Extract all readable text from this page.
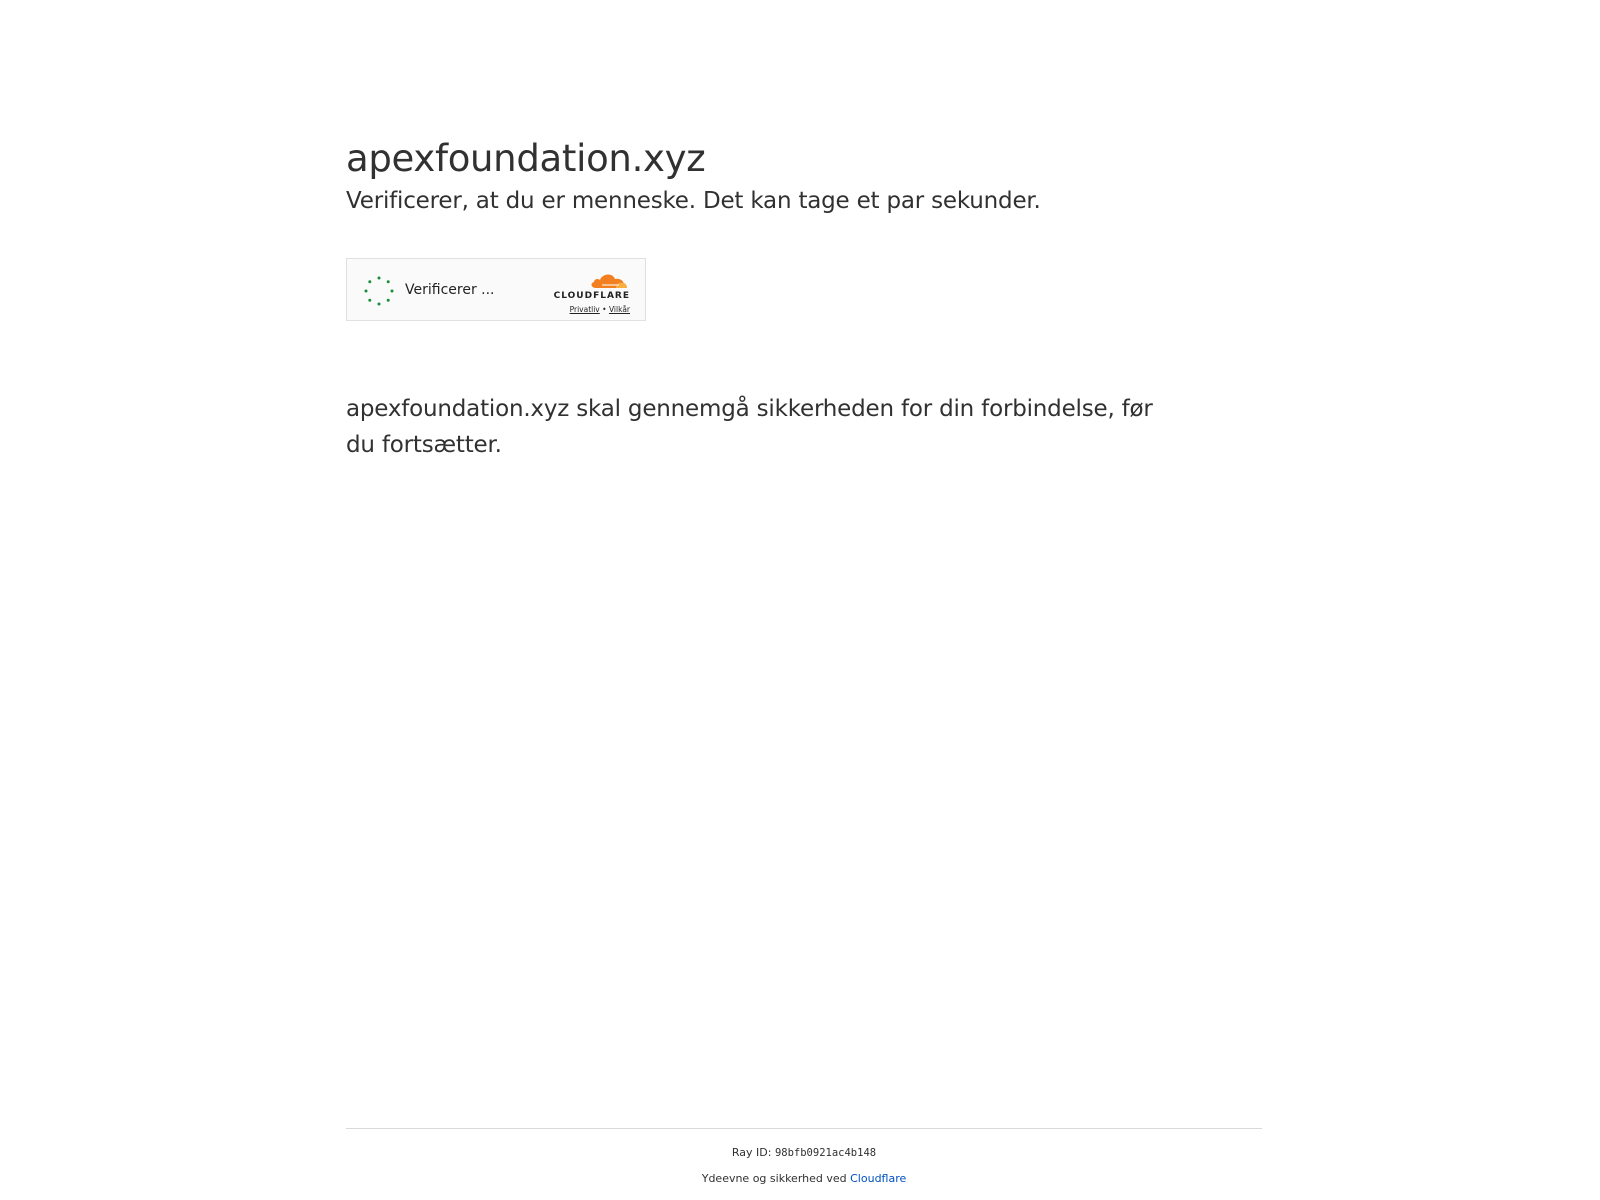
apexfoundation.xyz

Verificerer, at du er menneske. Det kan tage et par sekunder.

Verificerer ...	CLOUDFLARE
Privatliv • Vilkår

apexfoundation.xyz skal gennemgå sikkerheden for din forbindelse, før du fortsætter.

Ray ID: 98bfb0921ac4b148
Ydeevne og sikkerhed ved Cloudflare
